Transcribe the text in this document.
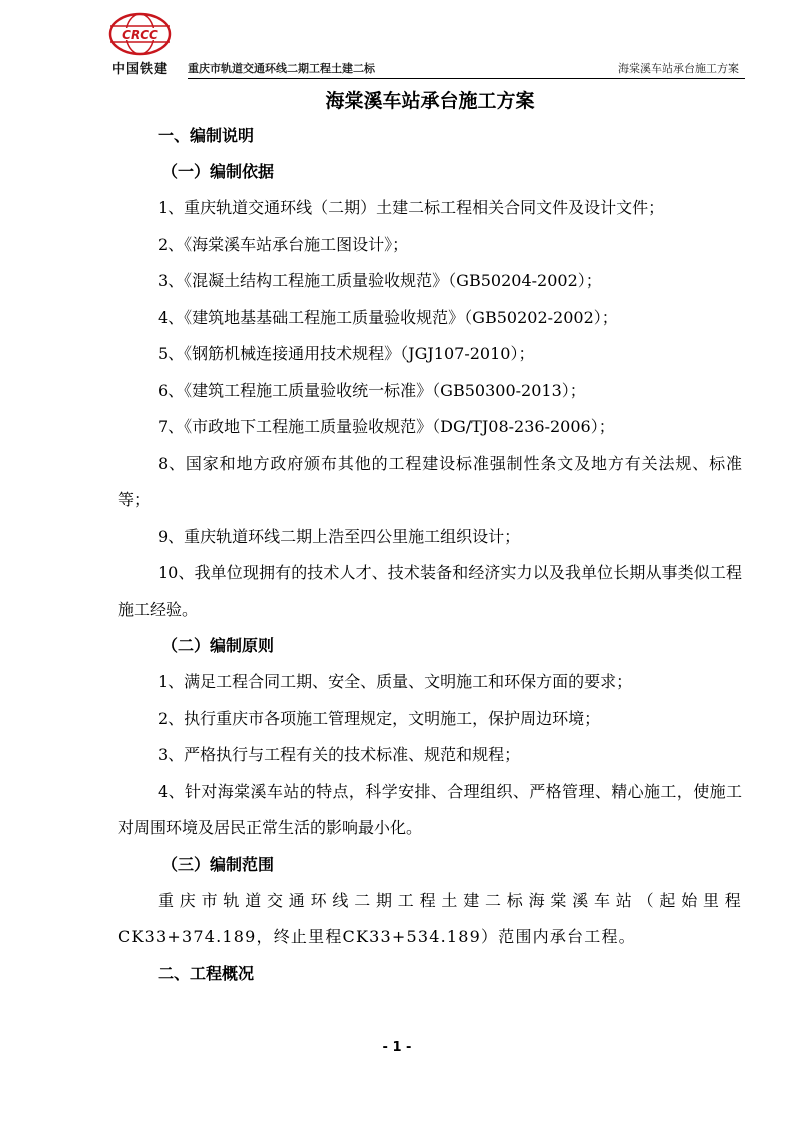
CRCC
中国铁建	重庆市轨道交通环线二期工程土建二标	海棠溪车站承台施工方案
海棠溪车站承台施工方案
一、编制说明
（一）编制依据

1、重庆轨道交通环线（二期）土建二标工程相关合同文件及设计文件；

2、《海棠溪车站承台施工图设计》；

3、《混凝土结构工程施工质量验收规范》（GB50204-2002）；

4、《建筑地基基础工程施工质量验收规范》（GB50202-2002）；

5、《钢筋机械连接通用技术规程》（JGJ107-2010）；

6、《建筑工程施工质量验收统一标准》（GB50300-2013）；

7、《市政地下工程施工质量验收规范》（DG/TJ08-236-2006）；

8、国家和地方政府颁布其他的工程建设标准强制性条文及地方有关法规、标准等；

9、重庆轨道环线二期上浩至四公里施工组织设计；

10、我单位现拥有的技术人才、技术装备和经济实力以及我单位长期从事类似工程施工经验。

（二）编制原则

1、满足工程合同工期、安全、质量、文明施工和环保方面的要求；

2、执行重庆市各项施工管理规定，文明施工，保护周边环境；

3、严格执行与工程有关的技术标准、规范和规程；

4、针对海棠溪车站的特点，科学安排、合理组织、严格管理、精心施工，使施工对周围环境及居民正常生活的影响最小化。

（三）编制范围

重庆市轨道交通环线二期工程土建二标海棠溪车站（起始里程CK33+374.189，终止里程CK33+534.189）范围内承台工程。

二、工程概况
- 1 -
